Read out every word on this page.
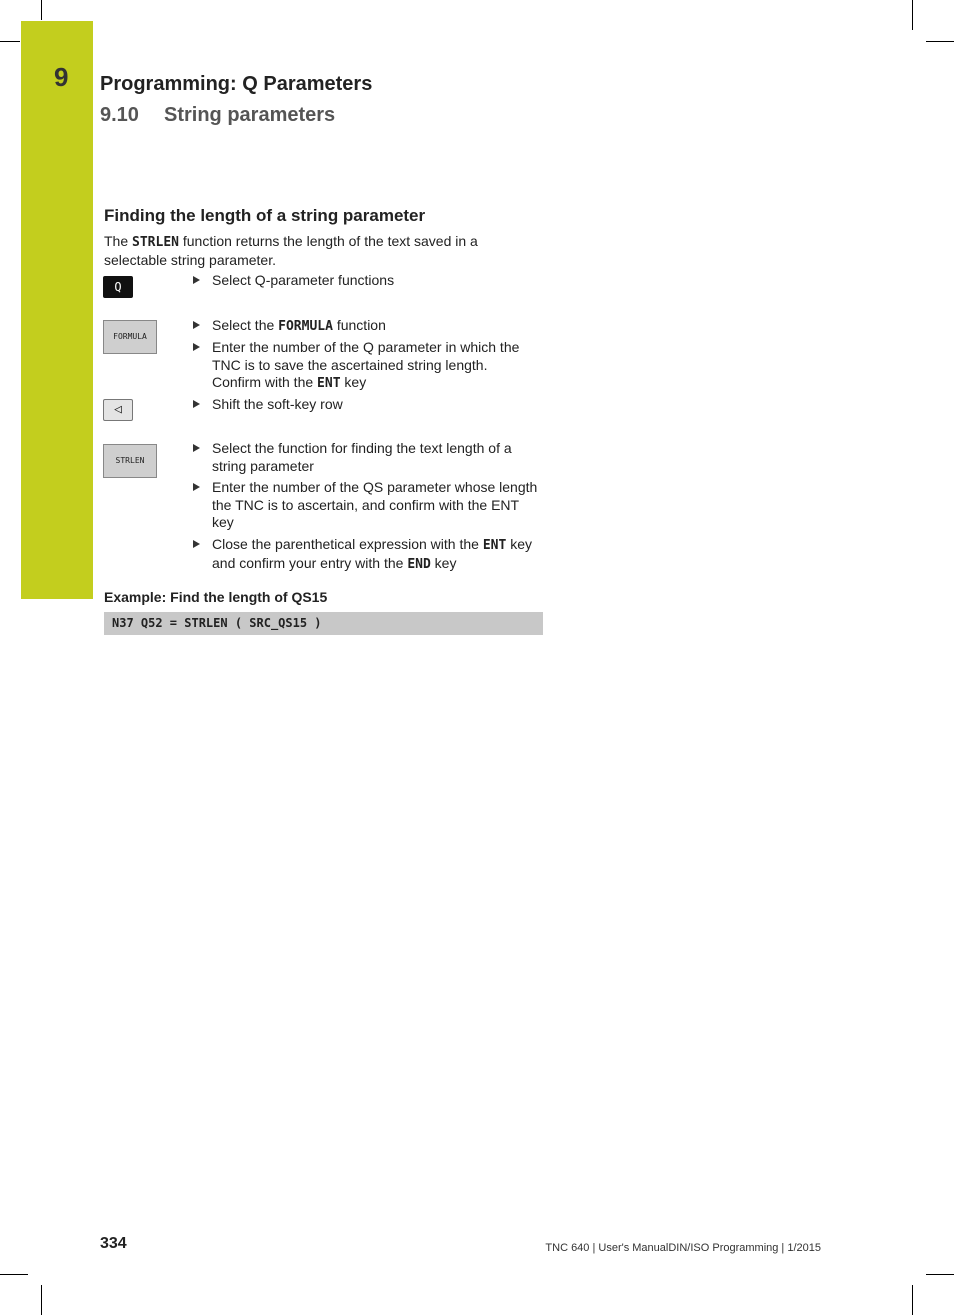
9	Programming: Q Parameters
9.10 String parameters
Finding the length of a string parameter
The STRLEN function returns the length of the text saved in a selectable string parameter.
Q
FORMULA
◁
STRLEN
Select Q-parameter functions
Select the FORMULA function
Enter the number of the Q parameter in which the TNC is to save the ascertained string length. Confirm with the ENT key
Shift the soft-key row
Select the function for finding the text length of a string parameter
Enter the number of the QS parameter whose length the TNC is to ascertain, and confirm with the ENT key
Close the parenthetical expression with the ENT key and confirm your entry with the END key
Example: Find the length of QS15
N37 Q52 = STRLEN ( SRC_QS15 )
334	TNC 640 | User's ManualDIN/ISO Programming | 1/2015
